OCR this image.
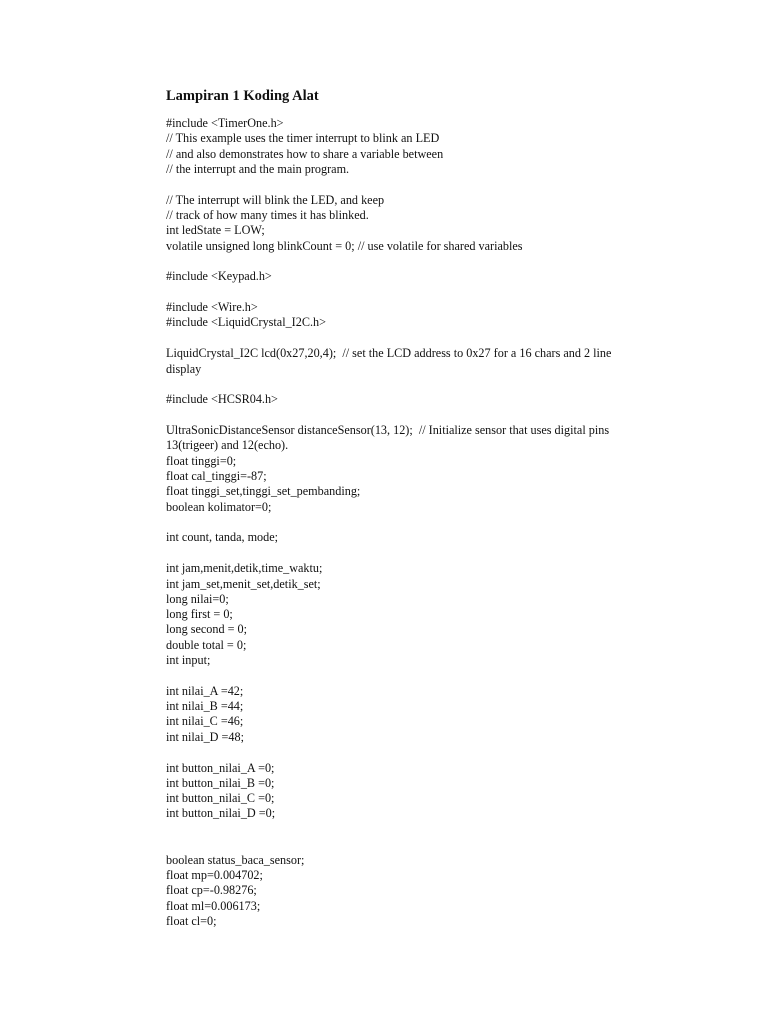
Lampiran 1 Koding Alat
#include <TimerOne.h>
// This example uses the timer interrupt to blink an LED
// and also demonstrates how to share a variable between
// the interrupt and the main program.
// The interrupt will blink the LED, and keep
// track of how many times it has blinked.
int ledState = LOW;
volatile unsigned long blinkCount = 0; // use volatile for shared variables
#include <Keypad.h>
#include <Wire.h>
#include <LiquidCrystal_I2C.h>
LiquidCrystal_I2C lcd(0x27,20,4);  // set the LCD address to 0x27 for a 16 chars and 2 line
display
#include <HCSR04.h>
UltraSonicDistanceSensor distanceSensor(13, 12);  // Initialize sensor that uses digital pins
13(trigeer) and 12(echo).
float tinggi=0;
float cal_tinggi=-87;
float tinggi_set,tinggi_set_pembanding;
boolean kolimator=0;
int count, tanda, mode;
int jam,menit,detik,time_waktu;
int jam_set,menit_set,detik_set;
long nilai=0;
long first = 0;
long second = 0;
double total = 0;
int input;
int nilai_A =42;
int nilai_B =44;
int nilai_C =46;
int nilai_D =48;
int button_nilai_A =0;
int button_nilai_B =0;
int button_nilai_C =0;
int button_nilai_D =0;
boolean status_baca_sensor;
float mp=0.004702;
float cp=-0.98276;
float ml=0.006173;
float cl=0;
